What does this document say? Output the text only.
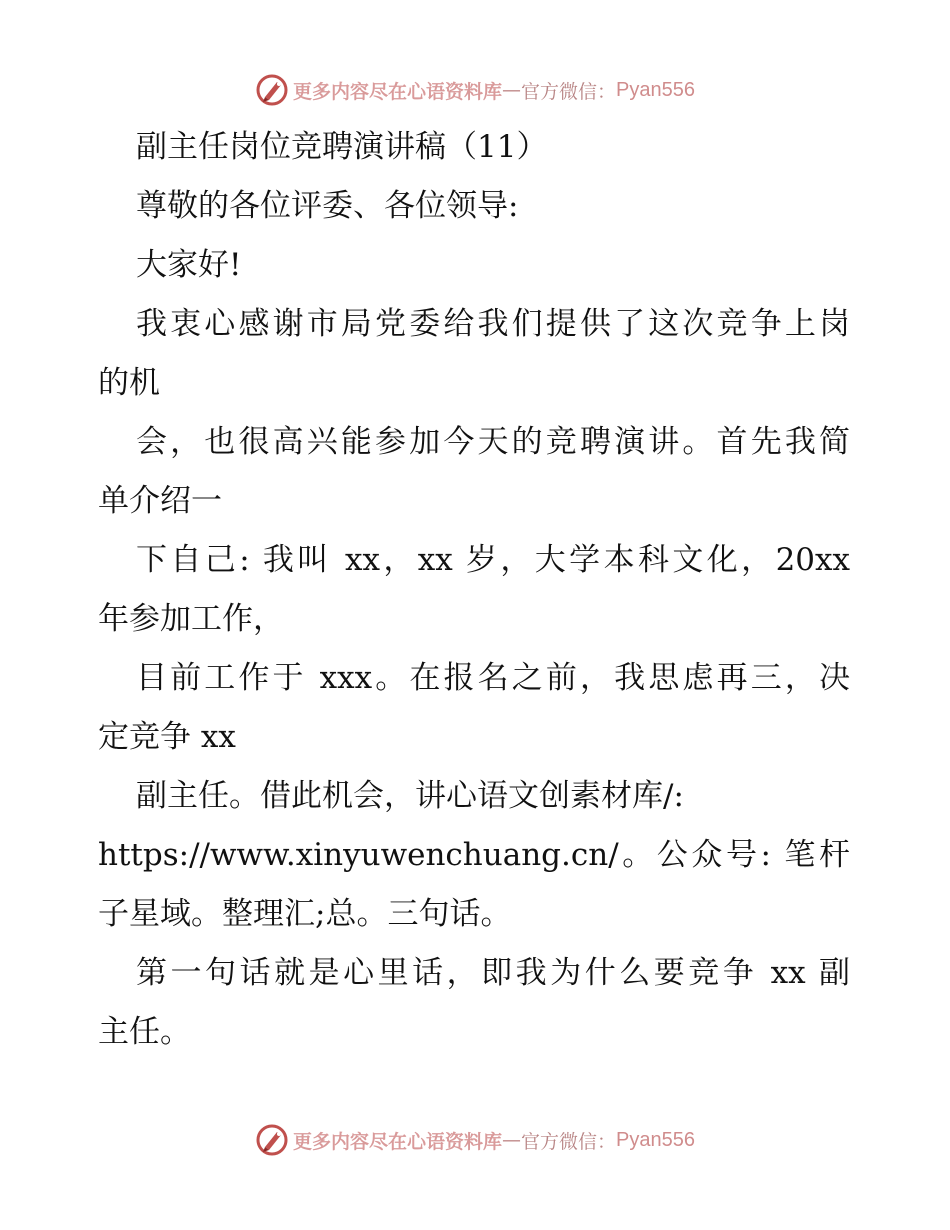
更多内容尽在心语资料库 — 官方微信： Pyan556
副主任岗位竞聘演讲稿（11）
尊敬的各位评委、各位领导:
大家好!
我衷心感谢市局党委给我们提供了这次竞争上岗
的机
会，也很高兴能参加今天的竞聘演讲。首先我简
单介绍一
下自己: 我叫 xx，xx 岁，大学本科文化，20xx
年参加工作，
目前工作于 xxx。在报名之前，我思虑再三，决
定竞争 xx
副主任。借此机会，讲心语文创素材库/:
https://www.xinyuwenchuang.cn/。公众号: 笔杆
子星域。整理汇;总。三句话。
第一句话就是心里话，即我为什么要竞争 xx 副
主任。
更多内容尽在心语资料库 — 官方微信： Pyan556
